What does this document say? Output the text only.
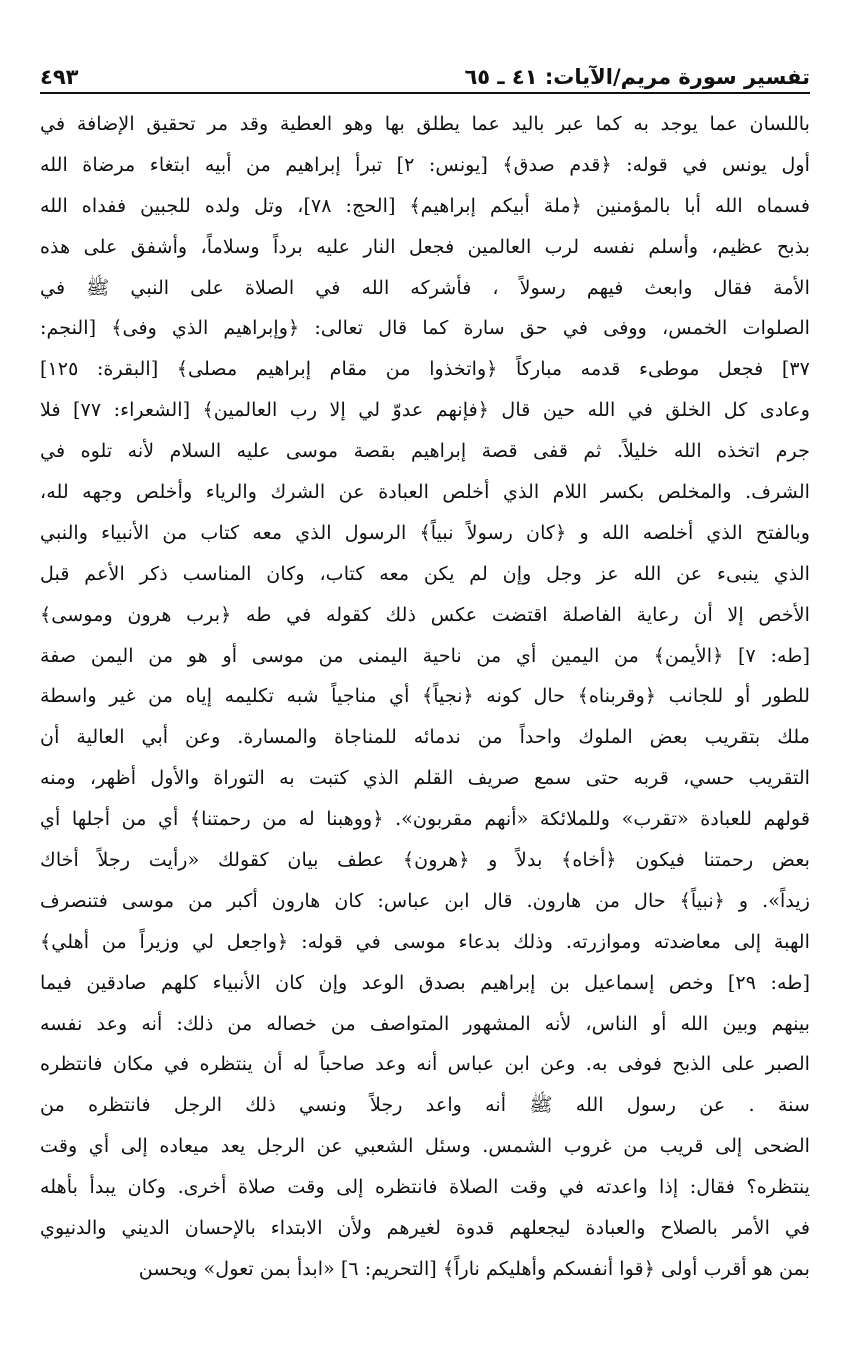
تفسير سورة مريم/الآيات: ٤١ ـ ٦٥
٤٩٣
باللسان عما يوجد به كما عبر باليد عما يطلق بها وهو العطية وقد مر تحقيق الإضافة في
أول يونس في قوله: ﴿قدم صدق﴾ [يونس: ٢] تبرأ إبراهيم من أبيه ابتغاء مرضاة الله
فسماه الله أبا بالمؤمنين ﴿ملة أبيكم إبراهيم﴾ [الحج: ٧٨]، وتل ولده للجبين ففداه الله
بذبح عظيم، وأسلم نفسه لرب العالمين فجعل النار عليه برداً وسلاماً، وأشفق على هذه
الأمة فقال وابعث فيهم رسولاً ، فأشركه الله في الصلاة على النبي ﷺ في
الصلوات الخمس، ووفى في حق سارة كما قال تعالى: ﴿وإبراهيم الذي وفى﴾ [النجم:
٣٧] فجعل موطىء قدمه مباركاً ﴿واتخذوا من مقام إبراهيم مصلى﴾ [البقرة: ١٢٥]
وعادى كل الخلق في الله حين قال ﴿فإنهم عدوّ لي إلا رب العالمين﴾ [الشعراء: ٧٧] فلا
جرم اتخذه الله خليلاً. ثم قفى قصة إبراهيم بقصة موسى عليه السلام لأنه تلوه في
الشرف. والمخلص بكسر اللام الذي أخلص العبادة عن الشرك والرياء وأخلص وجهه لله،
وبالفتح الذي أخلصه الله و ﴿كان رسولاً نبياً﴾ الرسول الذي معه كتاب من الأنبياء والنبي
الذي ينبىء عن الله عز وجل وإن لم يكن معه كتاب، وكان المناسب ذكر الأعم قبل
الأخص إلا أن رعاية الفاصلة اقتضت عكس ذلك كقوله في طه ﴿برب هرون وموسى﴾
[طه: ٧] ﴿الأيمن﴾ من اليمين أي من ناحية اليمنى من موسى أو هو من اليمن صفة
للطور أو للجانب ﴿وقربناه﴾ حال كونه ﴿نجياً﴾ أي مناجياً شبه تكليمه إياه من غير واسطة
ملك بتقريب بعض الملوك واحداً من ندمائه للمناجاة والمسارة. وعن أبي العالية أن
التقريب حسي، قربه حتى سمع صريف القلم الذي كتبت به التوراة والأول أظهر، ومنه
قولهم للعبادة «تقرب» وللملائكة «أنهم مقربون». ﴿ووهبنا له من رحمتنا﴾ أي من أجلها أي
بعض رحمتنا فيكون ﴿أخاه﴾ بدلاً و ﴿هرون﴾ عطف بيان كقولك «رأيت رجلاً أخاك
زيداً». و ﴿نبياً﴾ حال من هارون. قال ابن عباس: كان هارون أكبر من موسى فتنصرف
الهبة إلى معاضدته وموازرته. وذلك بدعاء موسى في قوله: ﴿واجعل لي وزيراً من أهلي﴾
[طه: ٢٩] وخص إسماعيل بن إبراهيم بصدق الوعد وإن كان الأنبياء كلهم صادقين فيما
بينهم وبين الله أو الناس، لأنه المشهور المتواصف من خصاله من ذلك: أنه وعد نفسه
الصبر على الذبح فوفى به. وعن ابن عباس أنه وعد صاحباً له أن ينتظره في مكان فانتظره
سنة . عن رسول الله ﷺ أنه واعد رجلاً ونسي ذلك الرجل فانتظره من
الضحى إلى قريب من غروب الشمس. وسئل الشعبي عن الرجل يعد ميعاده إلى أي وقت
ينتظره؟ فقال: إذا واعدته في وقت الصلاة فانتظره إلى وقت صلاة أخرى. وكان يبدأ بأهله
في الأمر بالصلاح والعبادة ليجعلهم قدوة لغيرهم ولأن الابتداء بالإحسان الديني والدنيوي
بمن هو أقرب أولى ﴿قوا أنفسكم وأهليكم ناراً﴾ [التحريم: ٦] «ابدأ بمن تعول» ويحسن
